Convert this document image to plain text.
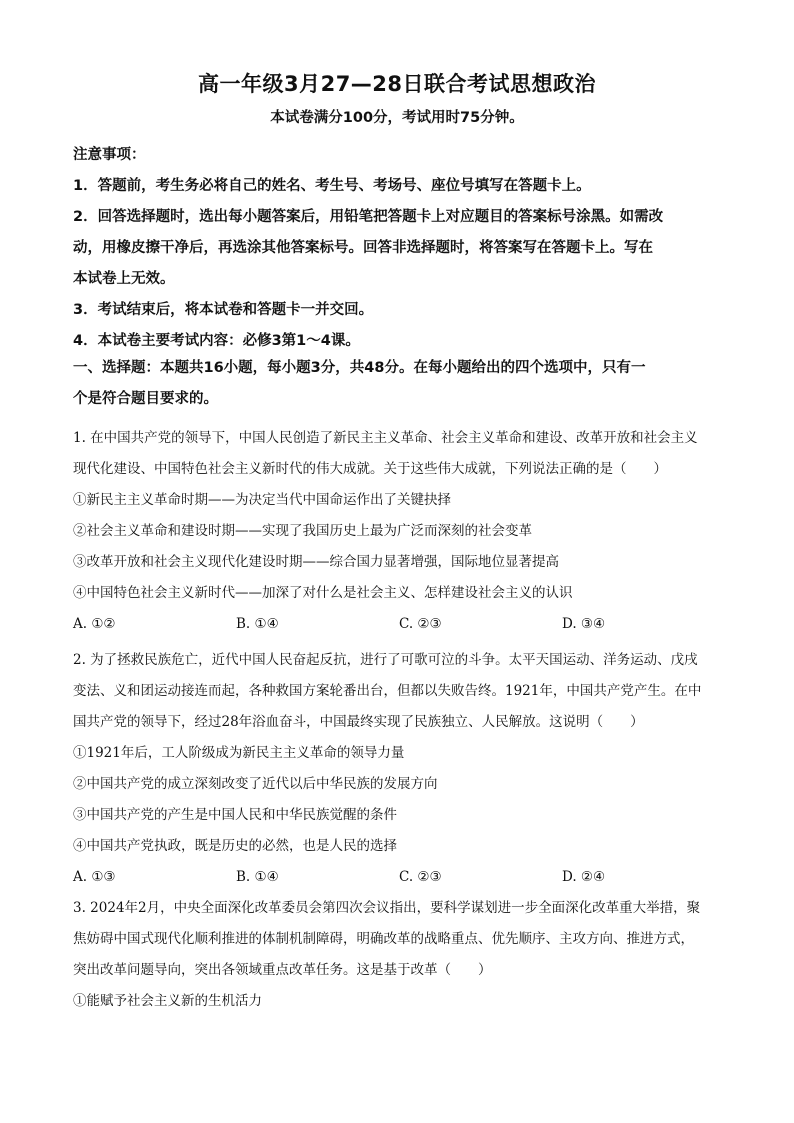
高一年级3月27—28日联合考试思想政治
本试卷满分100分，考试用时75分钟。
注意事项：
1．答题前，考生务必将自己的姓名、考生号、考场号、座位号填写在答题卡上。
2．回答选择题时，选出每小题答案后，用铅笔把答题卡上对应题目的答案标号涂黑。如需改
动，用橡皮擦干净后，再选涂其他答案标号。回答非选择题时，将答案写在答题卡上。写在
本试卷上无效。
3．考试结束后，将本试卷和答题卡一并交回。
4．本试卷主要考试内容：必修3第1～4课。
一、选择题：本题共16小题，每小题3分，共48分。在每小题给出的四个选项中，只有一
个是符合题目要求的。
1. 在中国共产党的领导下，中国人民创造了新民主主义革命、社会主义革命和建设、改革开放和社会主义
现代化建设、中国特色社会主义新时代的伟大成就。关于这些伟大成就，下列说法正确的是（　　）
①新民主主义革命时期——为决定当代中国命运作出了关键抉择
②社会主义革命和建设时期——实现了我国历史上最为广泛而深刻的社会变革
③改革开放和社会主义现代化建设时期——综合国力显著增强，国际地位显著提高
④中国特色社会主义新时代——加深了对什么是社会主义、怎样建设社会主义的认识
A. ①②	B. ①④	C. ②③	D. ③④
2. 为了拯救民族危亡，近代中国人民奋起反抗，进行了可歌可泣的斗争。太平天国运动、洋务运动、戊戌
变法、义和团运动接连而起，各种救国方案轮番出台，但都以失败告终。1921年，中国共产党产生。在中
国共产党的领导下，经过28年浴血奋斗，中国最终实现了民族独立、人民解放。这说明（　　）
①1921年后，工人阶级成为新民主主义革命的领导力量
②中国共产党的成立深刻改变了近代以后中华民族的发展方向
③中国共产党的产生是中国人民和中华民族觉醒的条件
④中国共产党执政，既是历史的必然，也是人民的选择
A. ①③	B. ①④	C. ②③	D. ②④
3. 2024年2月，中央全面深化改革委员会第四次会议指出，要科学谋划进一步全面深化改革重大举措，聚
焦妨碍中国式现代化顺利推进的体制机制障碍，明确改革的战略重点、优先顺序、主攻方向、推进方式，
突出改革问题导向，突出各领域重点改革任务。这是基于改革（　　）
①能赋予社会主义新的生机活力
